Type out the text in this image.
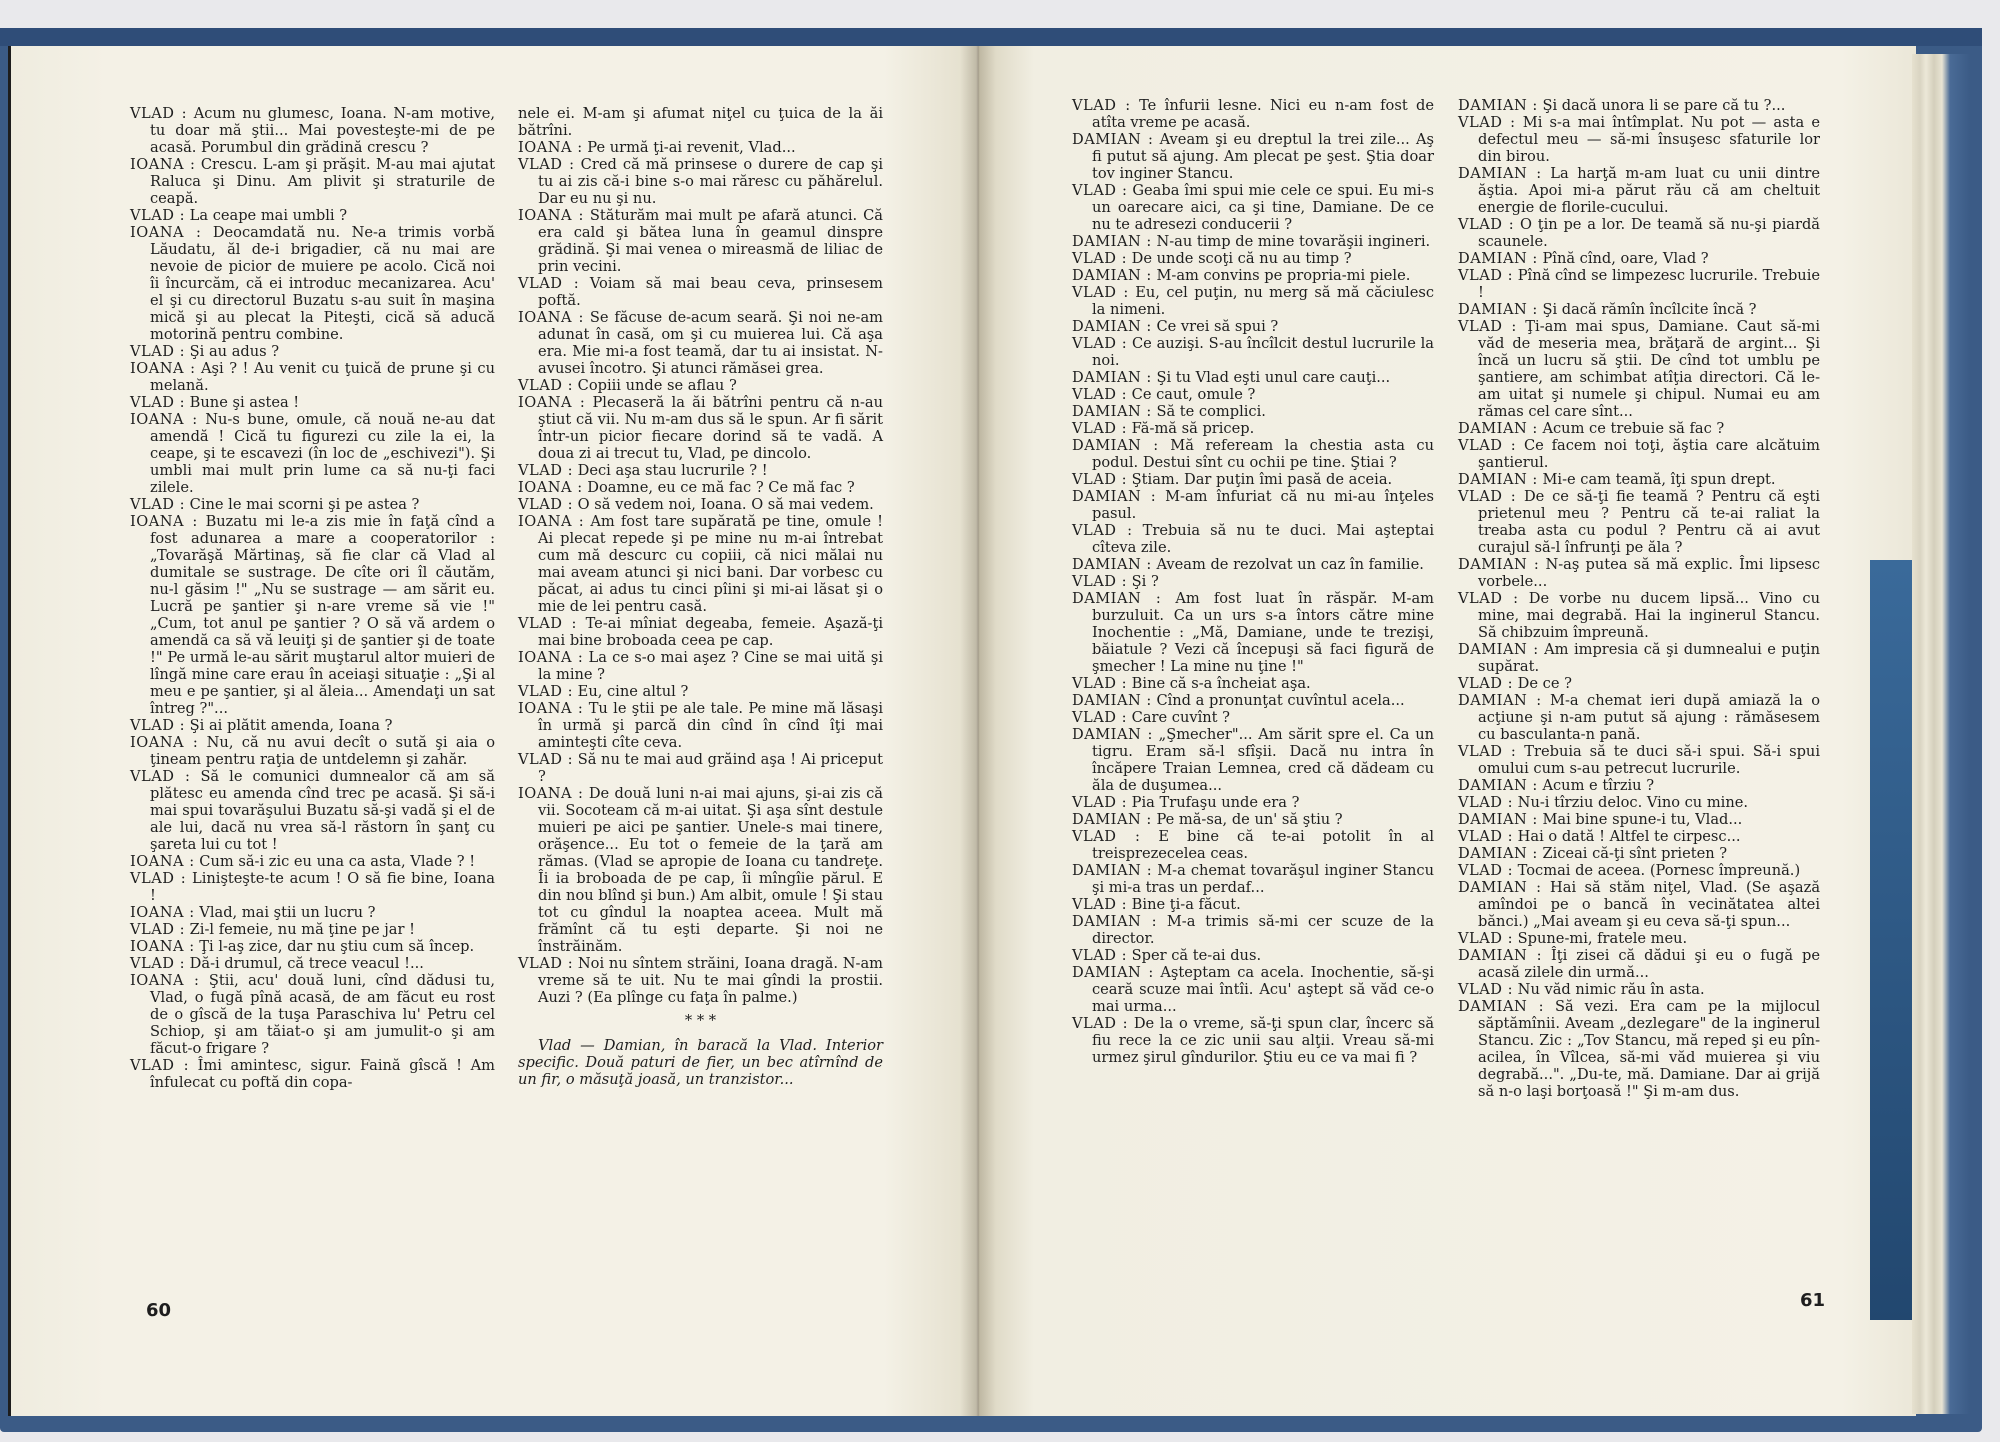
VLAD : Acum nu glumesc, Ioana. N-am motive, tu doar mă ştii... Mai povesteşte-mi de pe acasă. Porumbul din grădină crescu ?

IOANA : Crescu. L-am şi prăşit. M-au mai ajutat Raluca şi Dinu. Am plivit şi straturile de ceapă.

VLAD : La ceape mai umbli ?

IOANA : Deocamdată nu. Ne-a trimis vorbă Lăudatu, ăl de-i brigadier, că nu mai are nevoie de picior de muiere pe acolo. Cică noi îi încurcăm, că ei introduc mecanizarea. Acu' el şi cu directorul Buzatu s-au suit în maşina mică şi au plecat la Piteşti, cică să aducă motorină pentru combine.

VLAD : Şi au adus ?

IOANA : Aşi ? ! Au venit cu ţuică de prune şi cu melană.

VLAD : Bune şi astea !

IOANA : Nu-s bune, omule, că nouă ne-au dat amendă ! Cică tu figurezi cu zile la ei, la ceape, şi te escavezi (în loc de „eschivezi"). Şi umbli mai mult prin lume ca să nu-ţi faci zilele.

VLAD : Cine le mai scorni şi pe astea ?

IOANA : Buzatu mi le-a zis mie în faţă cînd a fost adunarea a mare a cooperatorilor : „Tovarăşă Mărtinaş, să fie clar că Vlad al dumitale se sustrage. De cîte ori îl căutăm, nu-l găsim !" „Nu se sustrage — am sărit eu. Lucră pe şantier şi n-are vreme să vie !" „Cum, tot anul pe şantier ? O să vă ardem o amendă ca să vă leuiţi şi de şantier şi de toate !" Pe urmă le-au sărit muştarul altor muieri de lîngă mine care erau în aceiaşi situaţie : „Şi al meu e pe şantier, şi al ăleia... Amendaţi un sat întreg ?"...

VLAD : Şi ai plătit amenda, Ioana ?

IOANA : Nu, că nu avui decît o sută şi aia o ţineam pentru raţia de untdelemn şi zahăr.

VLAD : Să le comunici dumnealor că am să plătesc eu amenda cînd trec pe acasă. Şi să-i mai spui tovarăşului Buzatu să-şi vadă şi el de ale lui, dacă nu vrea să-l răstorn în şanţ cu şareta lui cu tot !

IOANA : Cum să-i zic eu una ca asta, Vlade ? !

VLAD : Linişteşte-te acum ! O să fie bine, Ioana !

IOANA : Vlad, mai ştii un lucru ?

VLAD : Zi-l femeie, nu mă ţine pe jar !

IOANA : Ţi l-aş zice, dar nu ştiu cum să încep.

VLAD : Dă-i drumul, că trece veacul !...

IOANA : Ştii, acu' două luni, cînd dădusi tu, Vlad, o fugă pînă acasă, de am făcut eu rost de o gîscă de la tuşa Paraschiva lu' Petru cel Schiop, şi am tăiat-o şi am jumulit-o şi am făcut-o frigare ?

VLAD : Îmi amintesc, sigur. Faină gîscă ! Am înfulecat cu poftă din copa-

nele ei. M-am şi afumat niţel cu ţuica de la ăi bătrîni.

IOANA : Pe urmă ţi-ai revenit, Vlad...

VLAD : Cred că mă prinsese o durere de cap şi tu ai zis că-i bine s-o mai răresc cu păhărelul. Dar eu nu şi nu.

IOANA : Stăturăm mai mult pe afară atunci. Că era cald şi bătea luna în geamul dinspre grădină. Şi mai venea o mireasmă de liliac de prin vecini.

VLAD : Voiam să mai beau ceva, prinsesem poftă.

IOANA : Se făcuse de-acum seară. Şi noi ne-am adunat în casă, om şi cu muierea lui. Că aşa era. Mie mi-a fost teamă, dar tu ai insistat. N-avusei încotro. Şi atunci rămăsei grea.

VLAD : Copiii unde se aflau ?

IOANA : Plecaseră la ăi bătrîni pentru că n-au ştiut că vii. Nu m-am dus să le spun. Ar fi sărit într-un picior fiecare dorind să te vadă. A doua zi ai trecut tu, Vlad, pe dincolo.

VLAD : Deci aşa stau lucrurile ? !

IOANA : Doamne, eu ce mă fac ? Ce mă fac ?

VLAD : O să vedem noi, Ioana. O să mai vedem.

IOANA : Am fost tare supărată pe tine, omule ! Ai plecat repede şi pe mine nu m-ai întrebat cum mă descurc cu copiii, că nici mălai nu mai aveam atunci şi nici bani. Dar vorbesc cu păcat, ai adus tu cinci pîini şi mi-ai lăsat şi o mie de lei pentru casă.

VLAD : Te-ai mîniat degeaba, femeie. Aşază-ţi mai bine broboada ceea pe cap.

IOANA : La ce s-o mai aşez ? Cine se mai uită şi la mine ?

VLAD : Eu, cine altul ?

IOANA : Tu le ştii pe ale tale. Pe mine mă lăsaşi în urmă şi parcă din cînd în cînd îţi mai aminteşti cîte ceva.

VLAD : Să nu te mai aud grăind aşa ! Ai priceput ?

IOANA : De două luni n-ai mai ajuns, şi-ai zis că vii. Socoteam că m-ai uitat. Şi aşa sînt destule muieri pe aici pe şantier. Unele-s mai tinere, orăşence... Eu tot o femeie de la ţară am rămas. (Vlad se apropie de Ioana cu tandreţe. Îi ia broboada de pe cap, îi mîngîie părul. E din nou blînd şi bun.) Am albit, omule ! Şi stau tot cu gîndul la noaptea aceea. Mult mă frămînt că tu eşti departe. Şi noi ne înstrăinăm.

VLAD : Noi nu sîntem străini, Ioana dragă. N-am vreme să te uit. Nu te mai gîndi la prostii. Auzi ? (Ea plînge cu faţa în palme.)

* * *

Vlad — Damian, în baracă la Vlad. Interior specific. Două paturi de fier, un bec atîrnînd de un fir, o măsuţă joasă, un tranzistor...

VLAD : Te înfurii lesne. Nici eu n-am fost de atîta vreme pe acasă.

DAMIAN : Aveam şi eu dreptul la trei zile... Aş fi putut să ajung. Am plecat pe şest. Ştia doar tov inginer Stancu.

VLAD : Geaba îmi spui mie cele ce spui. Eu mi-s un oarecare aici, ca şi tine, Damiane. De ce nu te adresezi conducerii ?

DAMIAN : N-au timp de mine tovarăşii ingineri.

VLAD : De unde scoţi că nu au timp ?

DAMIAN : M-am convins pe propria-mi piele.

VLAD : Eu, cel puţin, nu merg să mă căciulesc la nimeni.

DAMIAN : Ce vrei să spui ?

VLAD : Ce auzişi. S-au încîlcit destul lucrurile la noi.

DAMIAN : Şi tu Vlad eşti unul care cauţi...

VLAD : Ce caut, omule ?

DAMIAN : Să te complici.

VLAD : Fă-mă să pricep.

DAMIAN : Mă refeream la chestia asta cu podul. Destui sînt cu ochii pe tine. Ştiai ?

VLAD : Ştiam. Dar puţin îmi pasă de aceia.

DAMIAN : M-am înfuriat că nu mi-au înţeles pasul.

VLAD : Trebuia să nu te duci. Mai aşteptai cîteva zile.

DAMIAN : Aveam de rezolvat un caz în familie.

VLAD : Şi ?

DAMIAN : Am fost luat în răspăr. M-am burzuluit. Ca un urs s-a întors către mine Inochentie : „Mă, Damiane, unde te trezişi, băiatule ? Vezi că începuşi să faci figură de şmecher ! La mine nu ţine !"

VLAD : Bine că s-a încheiat aşa.

DAMIAN : Cînd a pronunţat cuvîntul acela...

VLAD : Care cuvînt ?

DAMIAN : „Şmecher"... Am sărit spre el. Ca un tigru. Eram să-l sfîşii. Dacă nu intra în încăpere Traian Lemnea, cred că dădeam cu ăla de duşumea...

VLAD : Pia Trufaşu unde era ?

DAMIAN : Pe mă-sa, de un' să ştiu ?

VLAD : E bine că te-ai potolit în al treisprezecelea ceas.

DAMIAN : M-a chemat tovarăşul inginer Stancu şi mi-a tras un perdaf...

VLAD : Bine ţi-a făcut.

DAMIAN : M-a trimis să-mi cer scuze de la director.

VLAD : Sper că te-ai dus.

DAMIAN : Aşteptam ca acela. Inochentie, să-şi ceară scuze mai întîi. Acu' aştept să văd ce-o mai urma...

VLAD : De la o vreme, să-ţi spun clar, încerc să fiu rece la ce zic unii sau alţii. Vreau să-mi urmez şirul gîndurilor. Ştiu eu ce va mai fi ?

DAMIAN : Şi dacă unora li se pare că tu ?...

VLAD : Mi s-a mai întîmplat. Nu pot — asta e defectul meu — să-mi însuşesc sfaturile lor din birou.

DAMIAN : La harţă m-am luat cu unii dintre ăştia. Apoi mi-a părut rău că am cheltuit energie de florile-cucului.

VLAD : O ţin pe a lor. De teamă să nu-şi piardă scaunele.

DAMIAN : Pînă cînd, oare, Vlad ?

VLAD : Pînă cînd se limpezesc lucrurile. Trebuie !

DAMIAN : Şi dacă rămîn încîlcite încă ?

VLAD : Ţi-am mai spus, Damiane. Caut să-mi văd de meseria mea, brăţară de argint... Şi încă un lucru să ştii. De cînd tot umblu pe şantiere, am schimbat atîţia directori. Că le-am uitat şi numele şi chipul. Numai eu am rămas cel care sînt...

DAMIAN : Acum ce trebuie să fac ?

VLAD : Ce facem noi toţi, ăştia care alcătuim şantierul.

DAMIAN : Mi-e cam teamă, îţi spun drept.

VLAD : De ce să-ţi fie teamă ? Pentru că eşti prietenul meu ? Pentru că te-ai raliat la treaba asta cu podul ? Pentru că ai avut curajul să-l înfrunţi pe ăla ?

DAMIAN : N-aş putea să mă explic. Îmi lipsesc vorbele...

VLAD : De vorbe nu ducem lipsă... Vino cu mine, mai degrabă. Hai la inginerul Stancu. Să chibzuim împreună.

DAMIAN : Am impresia că şi dumnealui e puţin supărat.

VLAD : De ce ?

DAMIAN : M-a chemat ieri după amiază la o acţiune şi n-am putut să ajung : rămăsesem cu basculanta-n pană.

VLAD : Trebuia să te duci să-i spui. Să-i spui omului cum s-au petrecut lucrurile.

DAMIAN : Acum e tîrziu ?

VLAD : Nu-i tîrziu deloc. Vino cu mine.

DAMIAN : Mai bine spune-i tu, Vlad...

VLAD : Hai o dată ! Altfel te cirpesc...

DAMIAN : Ziceai că-ţi sînt prieten ?

VLAD : Tocmai de aceea. (Pornesc împreună.)

DAMIAN : Hai să stăm niţel, Vlad. (Se aşază amîndoi pe o bancă în vecinătatea altei bănci.) „Mai aveam şi eu ceva să-ţi spun...

VLAD : Spune-mi, fratele meu.

DAMIAN : Îţi zisei că dădui şi eu o fugă pe acasă zilele din urmă...

VLAD : Nu văd nimic rău în asta.

DAMIAN : Să vezi. Era cam pe la mijlocul săptămînii. Aveam „dezlegare" de la inginerul Stancu. Zic : „Tov Stancu, mă reped şi eu pîn-acilea, în Vîlcea, să-mi văd muierea şi viu degrabă...". „Du-te, mă. Damiane. Dar ai grijă să n-o laşi borţoasă !" Şi m-am dus.

60	61
